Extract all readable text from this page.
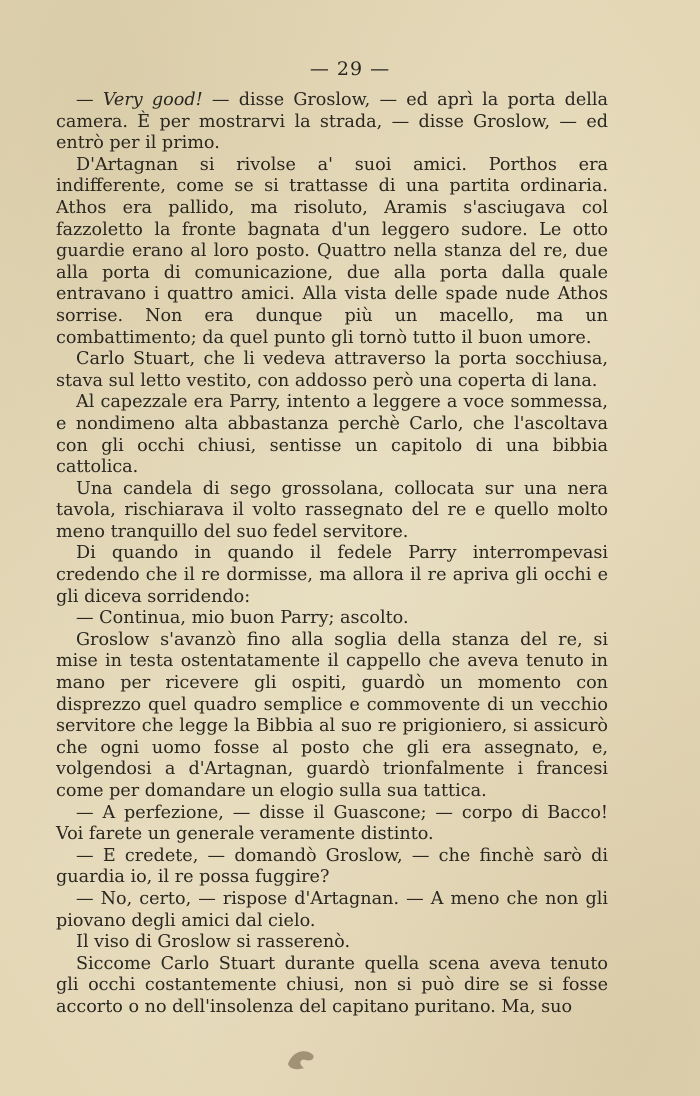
— 29 —

— Very good! — disse Groslow, — ed aprì la porta della camera. È per mostrarvi la strada, — disse Groslow, — ed entrò per il primo.

D'Artagnan si rivolse a' suoi amici. Porthos era indifferente, come se si trattasse di una partita ordinaria. Athos era pallido, ma risoluto, Aramis s'asciugava col fazzoletto la fronte bagnata d'un leggero sudore. Le otto guardie erano al loro posto. Quattro nella stanza del re, due alla porta di comunicazione, due alla porta dalla quale entravano i quattro amici. Alla vista delle spade nude Athos sorrise. Non era dunque più un macello, ma un combattimento; da quel punto gli tornò tutto il buon umore.

Carlo Stuart, che li vedeva attraverso la porta socchiusa, stava sul letto vestito, con addosso però una coperta di lana.

Al capezzale era Parry, intento a leggere a voce sommessa, e nondimeno alta abbastanza perchè Carlo, che l'ascoltava con gli occhi chiusi, sentisse un capitolo di una bibbia cattolica.

Una candela di sego grossolana, collocata sur una nera tavola, rischiarava il volto rassegnato del re e quello molto meno tranquillo del suo fedel servitore.

Di quando in quando il fedele Parry interrompevasi credendo che il re dormisse, ma allora il re apriva gli occhi e gli diceva sorridendo:

— Continua, mio buon Parry; ascolto.

Groslow s'avanzò fino alla soglia della stanza del re, si mise in testa ostentatamente il cappello che aveva tenuto in mano per ricevere gli ospiti, guardò un momento con disprezzo quel quadro semplice e commovente di un vecchio servitore che legge la Bibbia al suo re prigioniero, si assicurò che ogni uomo fosse al posto che gli era assegnato, e, volgendosi a d'Artagnan, guardò trionfalmente i francesi come per domandare un elogio sulla sua tattica.

— A perfezione, — disse il Guascone; — corpo di Bacco! Voi farete un generale veramente distinto.

— E credete, — domandò Groslow, — che finchè sarò di guardia io, il re possa fuggire?

— No, certo, — rispose d'Artagnan. — A meno che non gli piovano degli amici dal cielo.

Il viso di Groslow si rasserenò.

Siccome Carlo Stuart durante quella scena aveva tenuto gli occhi costantemente chiusi, non si può dire se si fosse accorto o no dell'insolenza del capitano puritano. Ma, suo
